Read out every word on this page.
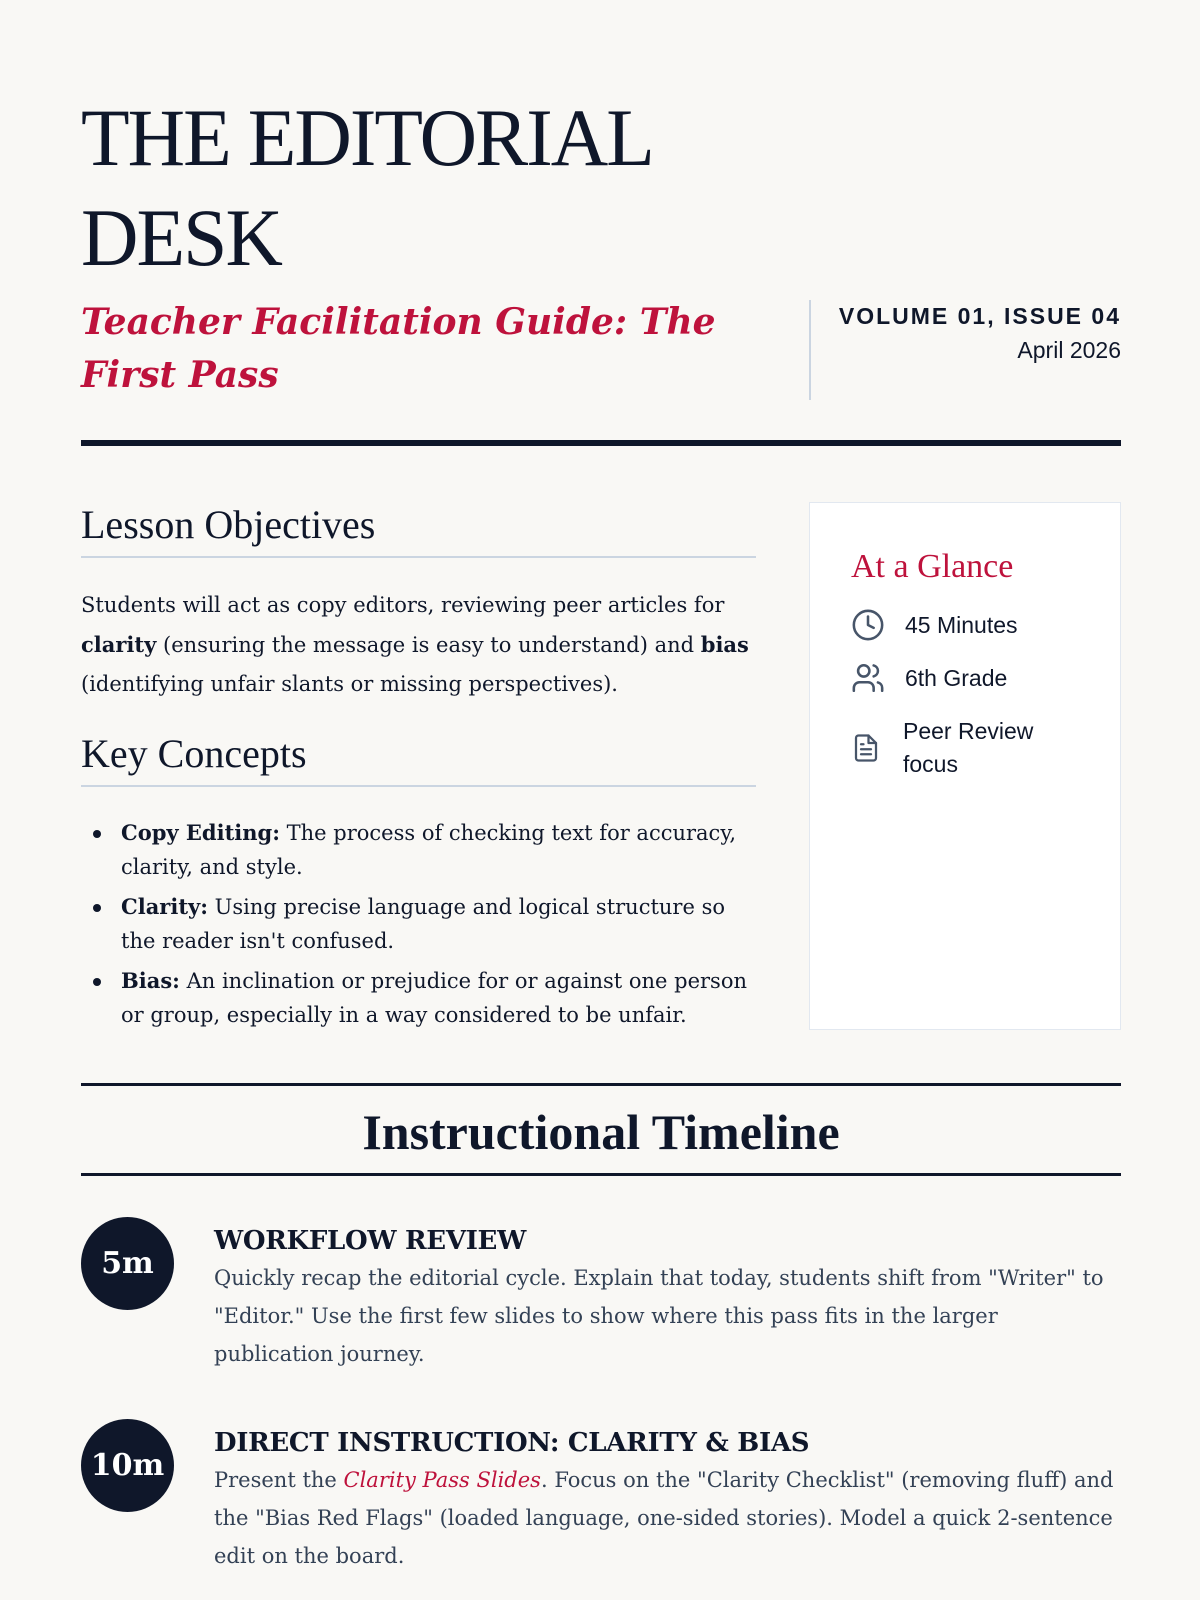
THE EDITORIAL DESK
Teacher Facilitation Guide: The First Pass
VOLUME 01, ISSUE 04
April 2026
Lesson Objectives

Students will act as copy editors, reviewing peer articles for clarity (ensuring the message is easy to understand) and bias (identifying unfair slants or missing perspectives).

Key Concepts
Copy Editing: The process of checking text for accuracy, clarity, and style.
Clarity: Using precise language and logical structure so the reader isn't confused.
Bias: An inclination or prejudice for or against one person or group, especially in a way considered to be unfair.
At a Glance
45 Minutes
6th Grade
Peer Review focus
Instructional Timeline
5m
WORKFLOW REVIEW

Quickly recap the editorial cycle. Explain that today, students shift from "Writer" to "Editor." Use the first few slides to show where this pass fits in the larger publication journey.

10m
DIRECT INSTRUCTION: CLARITY & BIAS

Present the Clarity Pass Slides. Focus on the "Clarity Checklist" (removing fluff) and the "Bias Red Flags" (loaded language, one-sided stories). Model a quick 2-sentence edit on the board.
